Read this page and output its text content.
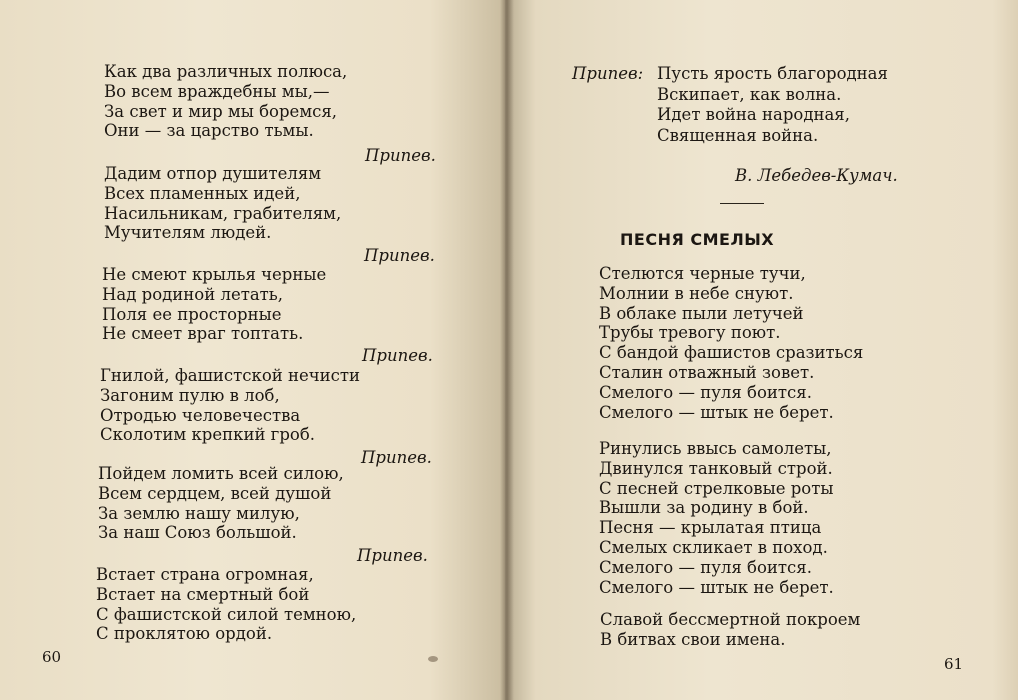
Как два различных полюса,
Во всем враждебны мы,—
За свет и мир мы боремся,
Они — за царство тьмы.
Припев.
Дадим отпор душителям
Всех пламенных идей,
Насильникам, грабителям,
Мучителям людей.
Припев.
Не смеют крылья черные
Над родиной летать,
Поля ее просторные
Не смеет враг топтать.
Припев.
Гнилой, фашистской нечисти
Загоним пулю в лоб,
Отродью человечества
Сколотим крепкий гроб.
Припев.
Пойдем ломить всей силою,
Всем сердцем, всей душой
За землю нашу милую,
За наш Союз большой.
Припев.
Встает страна огромная,
Встает на смертный бой
С фашистской силой темною,
С проклятою ордой.
60
Припев: Пусть ярость благородная
Вскипает, как волна.
Идет война народная,
Священная война.
В. Лебедев-Кумач.
ПЕСНЯ СМЕЛЫХ
Стелются черные тучи,
Молнии в небе снуют.
В облаке пыли летучей
Трубы тревогу поют.
С бандой фашистов сразиться
Сталин отважный зовет.
Смелого — пуля боится.
Смелого — штык не берет.
Ринулись ввысь самолеты,
Двинулся танковый строй.
С песней стрелковые роты
Вышли за родину в бой.
Песня — крылатая птица
Смелых скликает в поход.
Смелого — пуля боится.
Смелого — штык не берет.
Славой бессмертной покроем
В битвах свои имена.
61
